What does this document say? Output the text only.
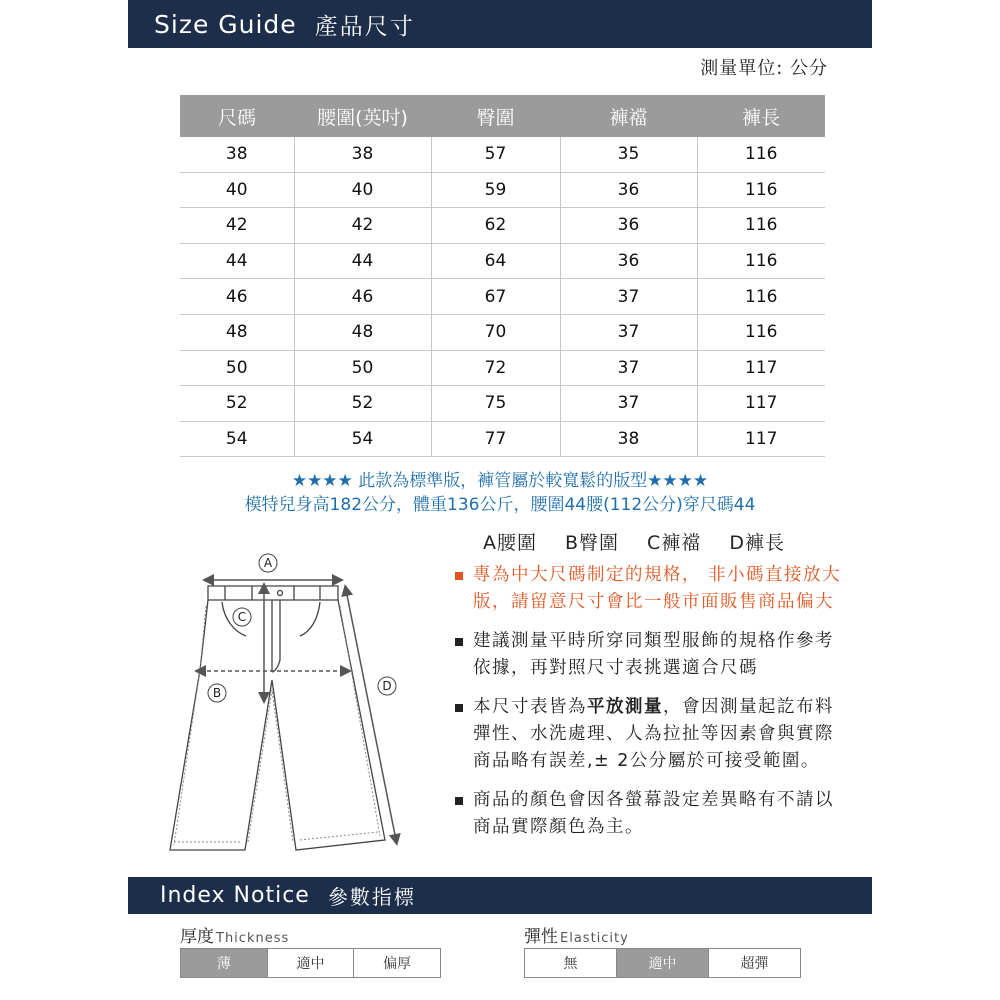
Size Guide 產品尺寸
測量單位: 公分
尺碼	腰圍(英吋)	臀圍	褲襠	褲長
38	38	57	35	116
40	40	59	36	116
42	42	62	36	116
44	44	64	36	116
46	46	67	37	116
48	48	70	37	116
50	50	72	37	117
52	52	75	37	117
54	54	77	38	117
★★★★ 此款為標準版，褲管屬於較寬鬆的版型★★★★
模特兒身高182公分，體重136公斤，腰圍44腰(112公分)穿尺碼44
A腰圍 B臀圍 C褲襠 D褲長
A
C
B	D
專為中大尺碼制定的規格， 非小碼直接放大版，請留意尺寸會比一般市面販售商品偏大
建議測量平時所穿同類型服飾的規格作參考依據，再對照尺寸表挑選適合尺碼
本尺寸表皆為平放測量，會因測量起訖布料彈性、水洗處理、人為拉扯等因素會與實際商品略有誤差,± 2公分屬於可接受範圍。
商品的顏色會因各螢幕設定差異略有不請以商品實際顏色為主。
Index Notice 參數指標
厚度 Thickness	彈性 Elasticity
薄	適中	偏厚	無	適中	超彈
